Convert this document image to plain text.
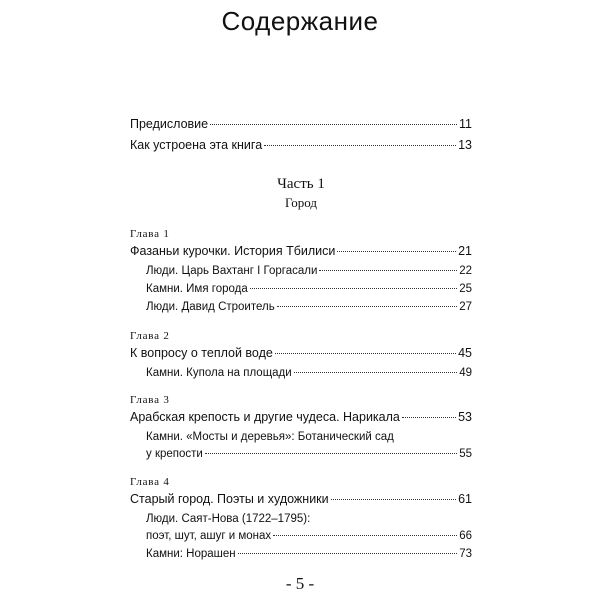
Содержание
Предисловие	11
Как устроена эта книга	13
Часть 1
Город
Глава 1
Фазаньи курочки. История Тбилиси	21
Люди. Царь Вахтанг I Горгасали	22
Камни. Имя города	25
Люди. Давид Строитель	27
Глава 2
К вопросу о теплой воде	45
Камни. Купола на площади	49
Глава 3
Арабская крепость и другие чудеса. Нарикала	53
Камни. «Мосты и деревья»: Ботанический сад
у крепости	55
Глава 4
Старый город. Поэты и художники	61
Люди. Саят-Нова (1722–1795):
поэт, шут, ашуг и монах	66
Камни: Норашен	73
- 5 -
